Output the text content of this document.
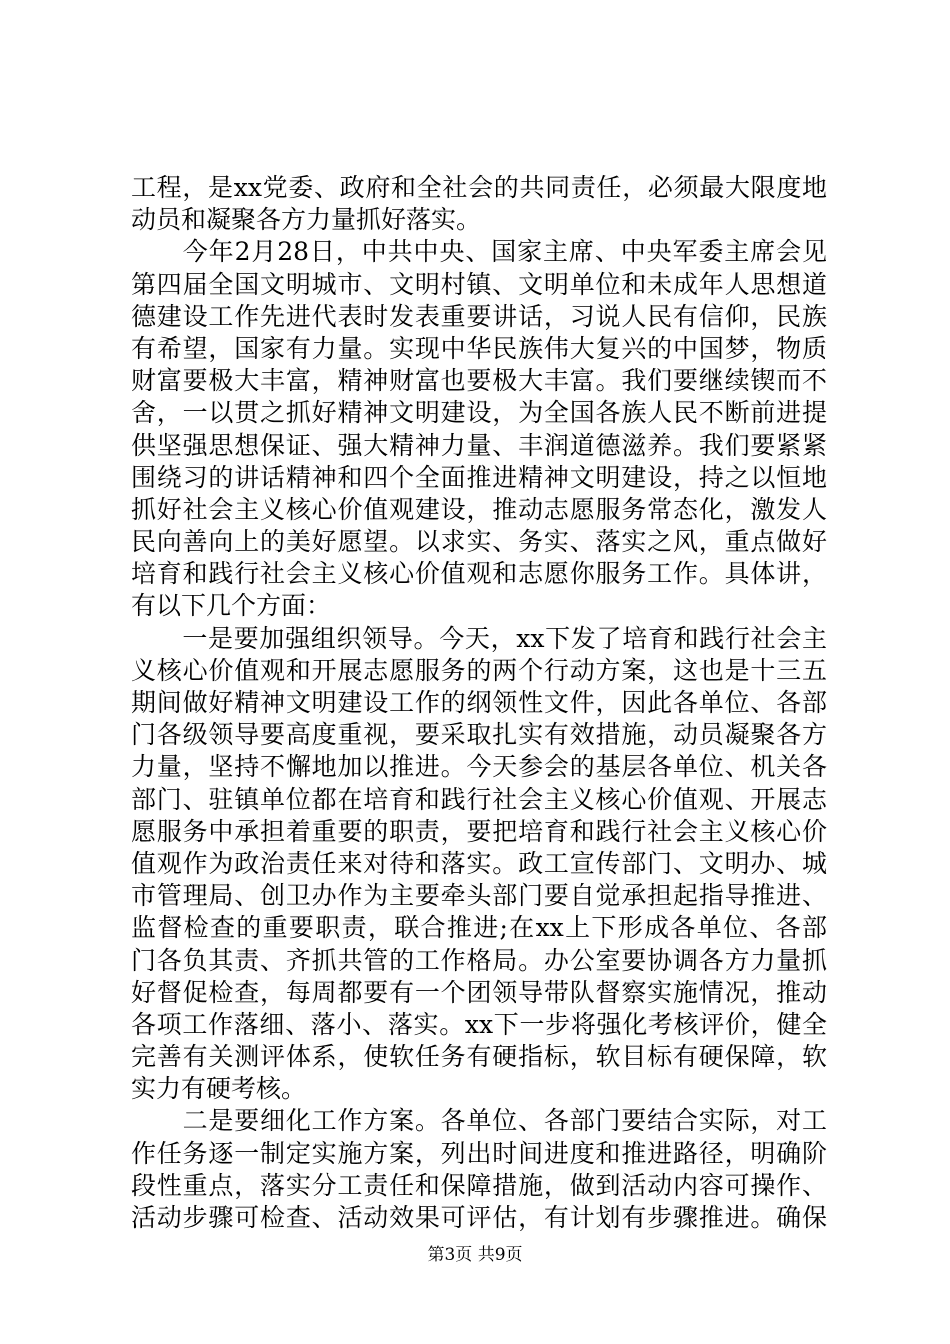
工程，是xx党委、政府和全社会的共同责任，必须最大限度地
动员和凝聚各方力量抓好落实。
　　今年2月28日，中共中央、国家主席、中央军委主席会见
第四届全国文明城市、文明村镇、文明单位和未成年人思想道
德建设工作先进代表时发表重要讲话，习说人民有信仰，民族
有希望，国家有力量。实现中华民族伟大复兴的中国梦，物质
财富要极大丰富，精神财富也要极大丰富。我们要继续锲而不
舍，一以贯之抓好精神文明建设，为全国各族人民不断前进提
供坚强思想保证、强大精神力量、丰润道德滋养。我们要紧紧
围绕习的讲话精神和四个全面推进精神文明建设，持之以恒地
抓好社会主义核心价值观建设，推动志愿服务常态化，激发人
民向善向上的美好愿望。以求实、务实、落实之风，重点做好
培育和践行社会主义核心价值观和志愿你服务工作。具体讲，
有以下几个方面：
　　一是要加强组织领导。今天，xx下发了培育和践行社会主
义核心价值观和开展志愿服务的两个行动方案，这也是十三五
期间做好精神文明建设工作的纲领性文件，因此各单位、各部
门各级领导要高度重视，要采取扎实有效措施，动员凝聚各方
力量，坚持不懈地加以推进。今天参会的基层各单位、机关各
部门、驻镇单位都在培育和践行社会主义核心价值观、开展志
愿服务中承担着重要的职责，要把培育和践行社会主义核心价
值观作为政治责任来对待和落实。政工宣传部门、文明办、城
市管理局、创卫办作为主要牵头部门要自觉承担起指导推进、
监督检查的重要职责，联合推进;在xx上下形成各单位、各部
门各负其责、齐抓共管的工作格局。办公室要协调各方力量抓
好督促检查，每周都要有一个团领导带队督察实施情况，推动
各项工作落细、落小、落实。xx下一步将强化考核评价，健全
完善有关测评体系，使软任务有硬指标，软目标有硬保障，软
实力有硬考核。
　　二是要细化工作方案。各单位、各部门要结合实际，对工
作任务逐一制定实施方案，列出时间进度和推进路径，明确阶
段性重点，落实分工责任和保障措施，做到活动内容可操作、
活动步骤可检查、活动效果可评估，有计划有步骤推进。确保
第3页 共9页
